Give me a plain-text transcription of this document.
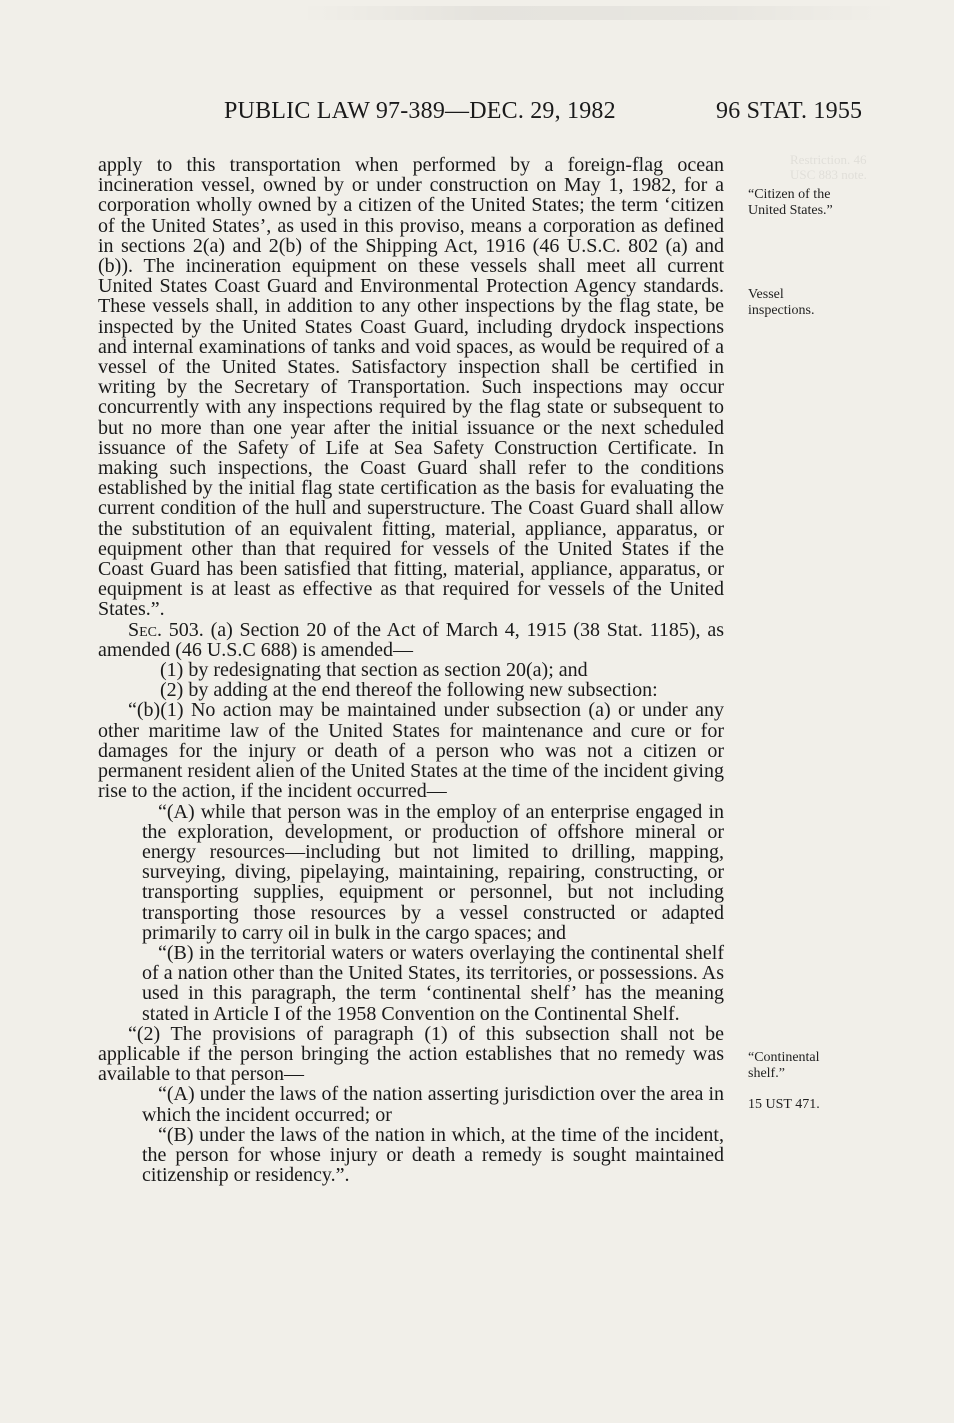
PUBLIC LAW 97-389—DEC. 29, 1982	96 STAT. 1955
Restriction. 46 USC 883 note.
“Citizen of the United States.”
Vessel inspections.
“Continental shelf.”
15 UST 471.

apply to this transportation when performed by a foreign-flag ocean incineration vessel, owned by or under construction on May 1, 1982, for a corporation wholly owned by a citizen of the United States; the term ‘citizen of the United States’, as used in this proviso, means a corporation as defined in sections 2(a) and 2(b) of the Shipping Act, 1916 (46 U.S.C. 802 (a) and (b)). The incineration equipment on these vessels shall meet all current United States Coast Guard and Environmental Protection Agency standards. These vessels shall, in addition to any other inspections by the flag state, be inspected by the United States Coast Guard, including drydock inspections and internal examinations of tanks and void spaces, as would be required of a vessel of the United States. Satisfactory inspection shall be certified in writing by the Secretary of Transportation. Such inspections may occur concurrently with any inspections required by the flag state or subsequent to but no more than one year after the initial issuance or the next scheduled issuance of the Safety of Life at Sea Safety Construction Certificate. In making such inspections, the Coast Guard shall refer to the conditions established by the initial flag state certification as the basis for evaluating the current condition of the hull and superstructure. The Coast Guard shall allow the substitution of an equivalent fitting, material, appliance, apparatus, or equipment other than that required for vessels of the United States if the Coast Guard has been satisfied that fitting, material, appliance, apparatus, or equipment is at least as effective as that required for vessels of the United States.”.

Sec. 503. (a) Section 20 of the Act of March 4, 1915 (38 Stat. 1185), as amended (46 U.S.C 688) is amended—

(1) by redesignating that section as section 20(a); and

(2) by adding at the end thereof the following new subsection:

“(b)(1) No action may be maintained under subsection (a) or under any other maritime law of the United States for maintenance and cure or for damages for the injury or death of a person who was not a citizen or permanent resident alien of the United States at the time of the incident giving rise to the action, if the incident occurred—

“(A) while that person was in the employ of an enterprise engaged in the exploration, development, or production of offshore mineral or energy resources—including but not limited to drilling, mapping, surveying, diving, pipelaying, maintaining, repairing, constructing, or transporting supplies, equipment or personnel, but not including transporting those resources by a vessel constructed or adapted primarily to carry oil in bulk in the cargo spaces; and

“(B) in the territorial waters or waters overlaying the continental shelf of a nation other than the United States, its territories, or possessions. As used in this paragraph, the term ‘continental shelf’ has the meaning stated in Article I of the 1958 Convention on the Continental Shelf.

“(2) The provisions of paragraph (1) of this subsection shall not be applicable if the person bringing the action establishes that no remedy was available to that person—

“(A) under the laws of the nation asserting jurisdiction over the area in which the incident occurred; or

“(B) under the laws of the nation in which, at the time of the incident, the person for whose injury or death a remedy is sought maintained citizenship or residency.”.
